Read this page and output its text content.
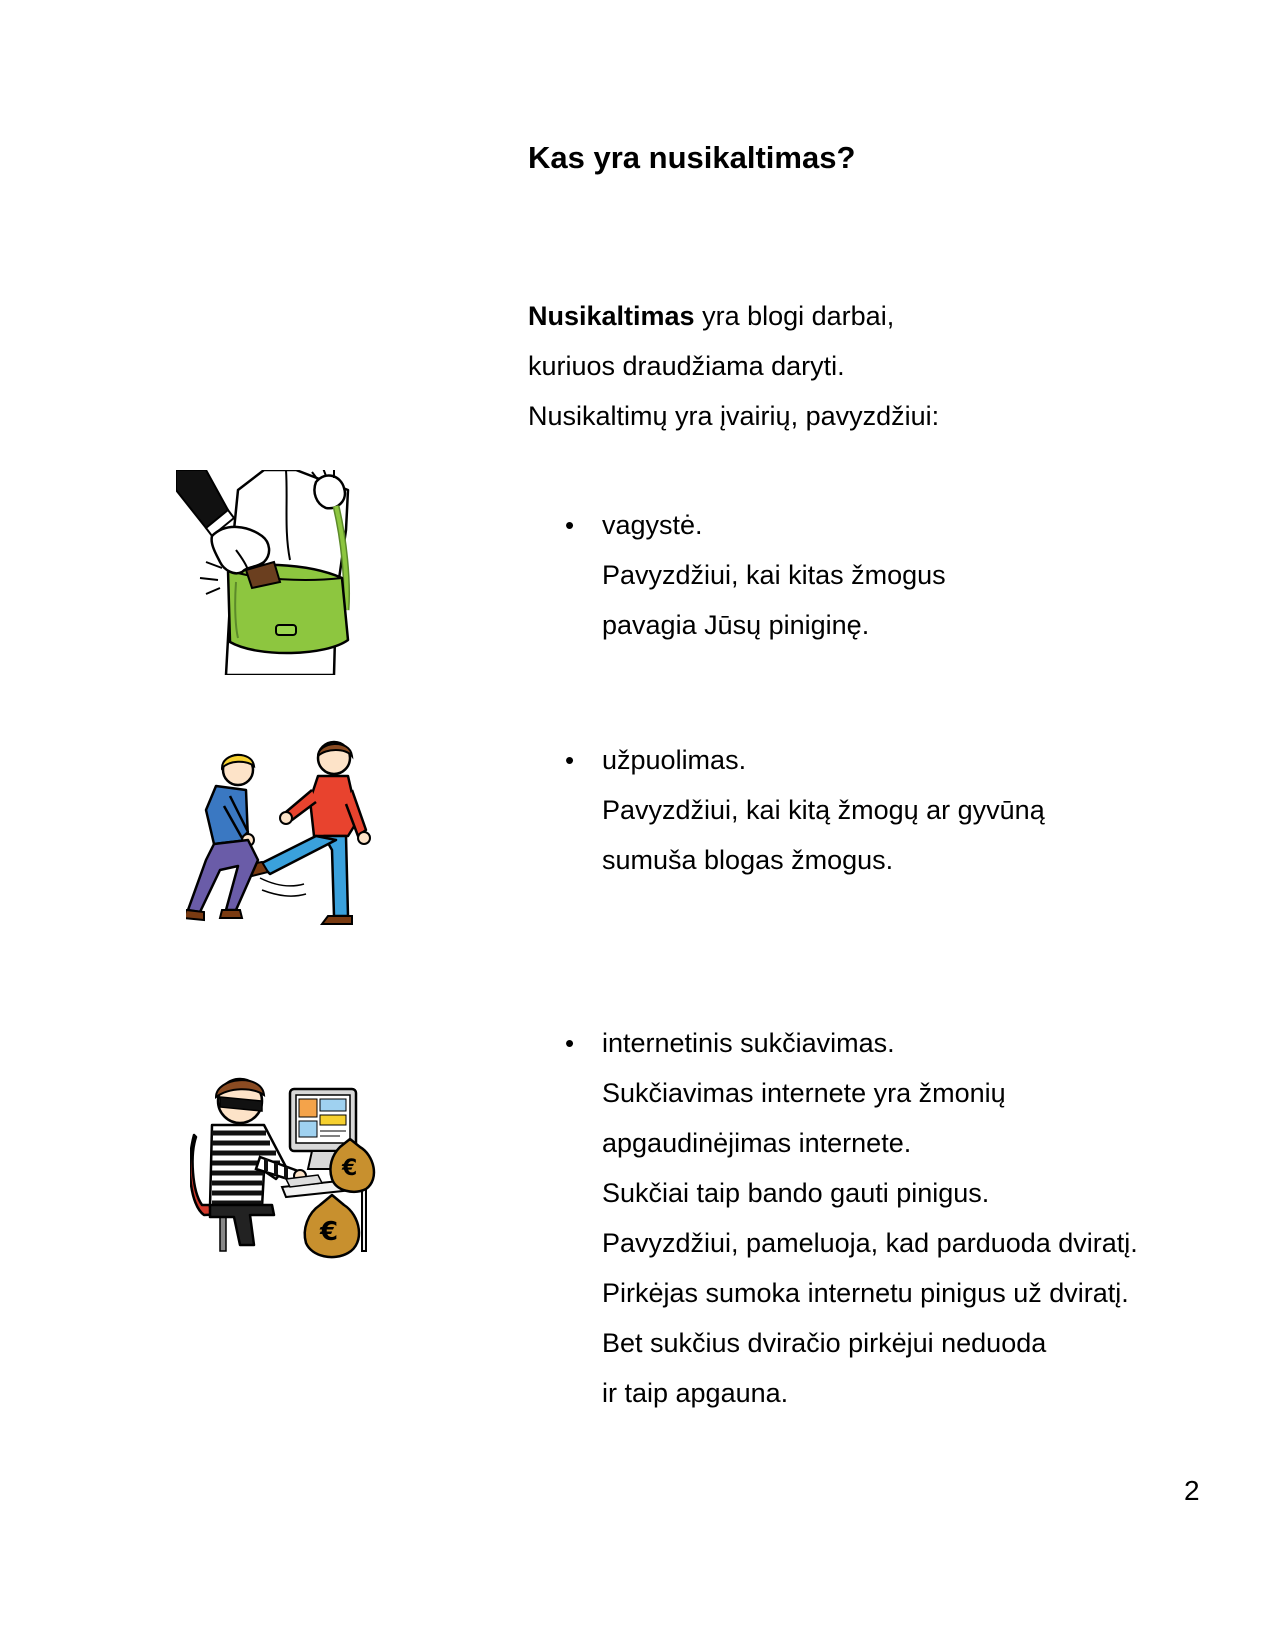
Kas yra nusikaltimas?
Nusikaltimas yra blogi darbai,
kuriuos draudžiama daryti.
Nusikaltimų yra įvairių, pavyzdžiui:
•	vagystė.
Pavyzdžiui, kai kitas žmogus
pavagia Jūsų piniginę.
•	užpuolimas.
Pavyzdžiui, kai kitą žmogų ar gyvūną
sumuša blogas žmogus.
€
€
•	internetinis sukčiavimas.
Sukčiavimas internete yra žmonių
apgaudinėjimas internete.
Sukčiai taip bando gauti pinigus.
Pavyzdžiui, pameluoja, kad parduoda dviratį.
Pirkėjas sumoka internetu pinigus už dviratį.
Bet sukčius dviračio pirkėjui neduoda
ir taip apgauna.
2
